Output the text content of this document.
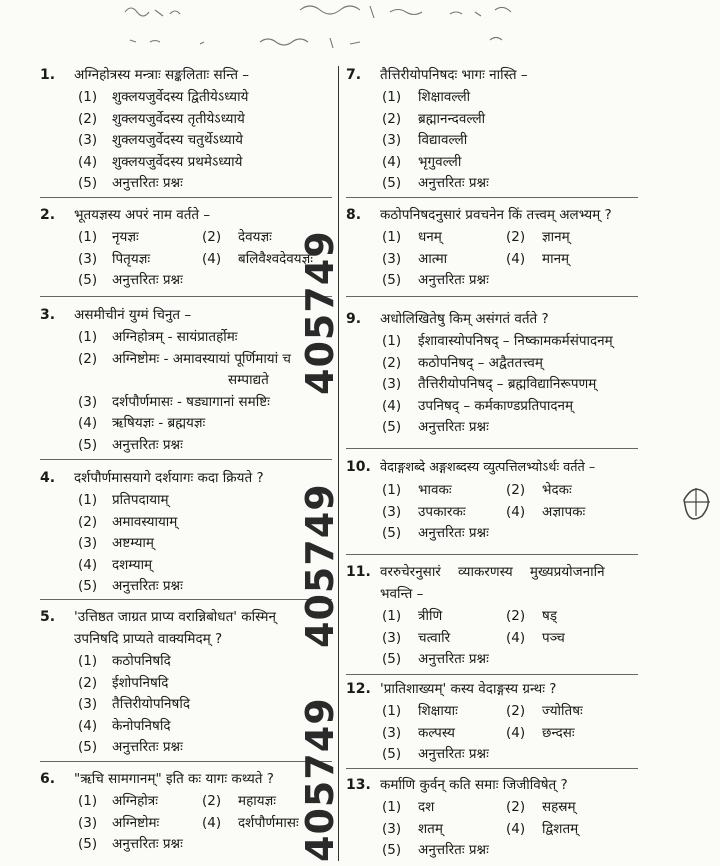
1. अग्निहोत्रस्य मन्त्राः सङ्कलिताः सन्ति –
(1) शुक्लयजुर्वेदस्य द्वितीयेऽध्याये
(2) शुक्लयजुर्वेदस्य तृतीयेऽध्याये
(3) शुक्लयजुर्वेदस्य चतुर्थेऽध्याये
(4) शुक्लयजुर्वेदस्य प्रथमेऽध्याये
(5) अनुत्तरितः प्रश्नः
2. भूतयज्ञस्य अपरं नाम वर्तते –
(1) नृयज्ञः	(2) देवयज्ञः
(3) पितृयज्ञः	(4) बलिवैश्वदेवयज्ञः
(5) अनुत्तरितः प्रश्नः
3. असमीचीनं युग्मं चिनुत –
(1) अग्निहोत्रम् - सायंप्रातर्होमः
(2) अग्निष्टोमः - अमावस्यायां पूर्णिमायां च
सम्पाद्यते
(3) दर्शपौर्णमासः - षड्यागानां समष्टिः
(4) ऋषियज्ञः - ब्रह्मयज्ञः
(5) अनुत्तरितः प्रश्नः
4. दर्शपौर्णमासयागे दर्शयागः कदा क्रियते ?
(1) प्रतिपदायाम्
(2) अमावस्यायाम्
(3) अष्टम्याम्
(4) दशम्याम्
(5) अनुत्तरितः प्रश्नः
5. 'उत्तिष्ठत जाग्रत प्राप्य वरान्निबोधत' कस्मिन्
उपनिषदि प्राप्यते वाक्यमिदम् ?
(1) कठोपनिषदि
(2) ईशोपनिषदि
(3) तैत्तिरीयोपनिषदि
(4) केनोपनिषदि
(5) अनुत्तरितः प्रश्नः
6. "ऋचि सामगानम्" इति कः यागः कथ्यते ?
(1) अग्निहोत्रः	(2) महायज्ञः
(3) अग्निष्टोमः	(4) दर्शपौर्णमासः
(5) अनुत्तरितः प्रश्नः
405749
405749
405749
7. तैत्तिरीयोपनिषदः भागः नास्ति –
(1) शिक्षावल्ली
(2) ब्रह्मानन्दवल्ली
(3) विद्यावल्ली
(4) भृगुवल्ली
(5) अनुत्तरितः प्रश्नः
8. कठोपनिषदनुसारं प्रवचनेन किं तत्त्वम् अलभ्यम् ?
(1) धनम्	(2) ज्ञानम्
(3) आत्मा	(4) मानम्
(5) अनुत्तरितः प्रश्नः
9. अधोलिखितेषु किम् असंगतं वर्तते ?
(1) ईशावास्योपनिषद् – निष्कामकर्मसंपादनम्
(2) कठोपनिषद् – अद्वैततत्त्वम्
(3) तैत्तिरीयोपनिषद् – ब्रह्मविद्यानिरूपणम्
(4) उपनिषद् – कर्मकाण्डप्रतिपादनम्
(5) अनुत्तरितः प्रश्नः
10. वेदाङ्गशब्दे अङ्गशब्दस्य व्युत्पत्तिलभ्योऽर्थः वर्तते –
(1) भावकः	(2) भेदकः
(3) उपकारकः	(4) अज्ञापकः
(5) अनुत्तरितः प्रश्नः
11. वररुचेरनुसारं    व्याकरणस्य    मुख्यप्रयोजनानि
भवन्ति –
(1) त्रीणि	(2) षड्
(3) चत्वारि	(4) पञ्च
(5) अनुत्तरितः प्रश्नः
12. 'प्रातिशाख्यम्' कस्य वेदाङ्गस्य ग्रन्थः ?
(1) शिक्षायाः	(2) ज्योतिषः
(3) कल्पस्य	(4) छन्दसः
(5) अनुत्तरितः प्रश्नः
13. कर्माणि कुर्वन् कति समाः जिजीविषेत् ?
(1) दश	(2) सहस्रम्
(3) शतम्	(4) द्विशतम्
(5) अनुत्तरितः प्रश्नः
